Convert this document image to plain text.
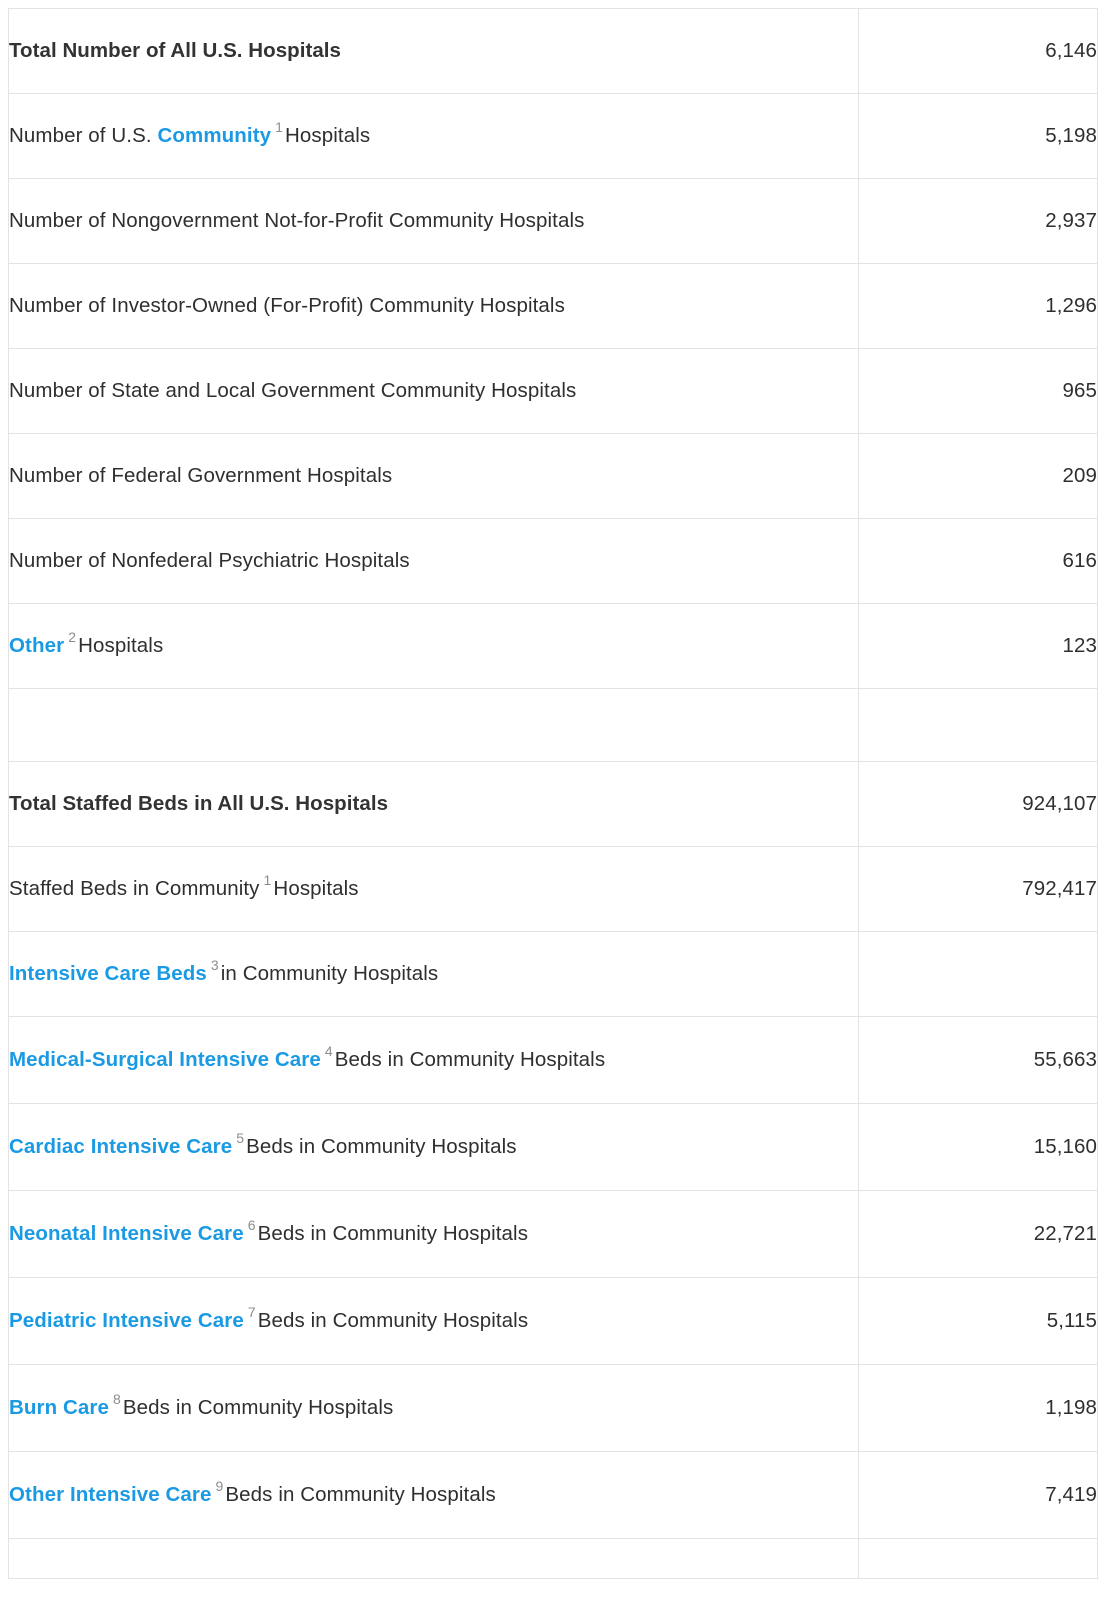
Total Number of All U.S. Hospitals	6,146
Number of U.S. Community $^1$Hospitals	5,198
Number of Nongovernment Not-for-Profit Community Hospitals	2,937
Number of Investor-Owned (For-Profit) Community Hospitals	1,296
Number of State and Local Government Community Hospitals	965
Number of Federal Government Hospitals	209
Number of Nonfederal Psychiatric Hospitals	616
Other $^2$Hospitals	123

Total Staffed Beds in All U.S. Hospitals	924,107
Staffed Beds in Community $^1$Hospitals	792,417
Intensive Care Beds $^3$in Community Hospitals	
Medical-Surgical Intensive Care $^4$Beds in Community Hospitals	55,663
Cardiac Intensive Care $^5$Beds in Community Hospitals	15,160
Neonatal Intensive Care $^6$Beds in Community Hospitals	22,721
Pediatric Intensive Care $^7$Beds in Community Hospitals	5,115
Burn Care $^8$Beds in Community Hospitals	1,198
Other Intensive Care $^9$Beds in Community Hospitals	7,419
